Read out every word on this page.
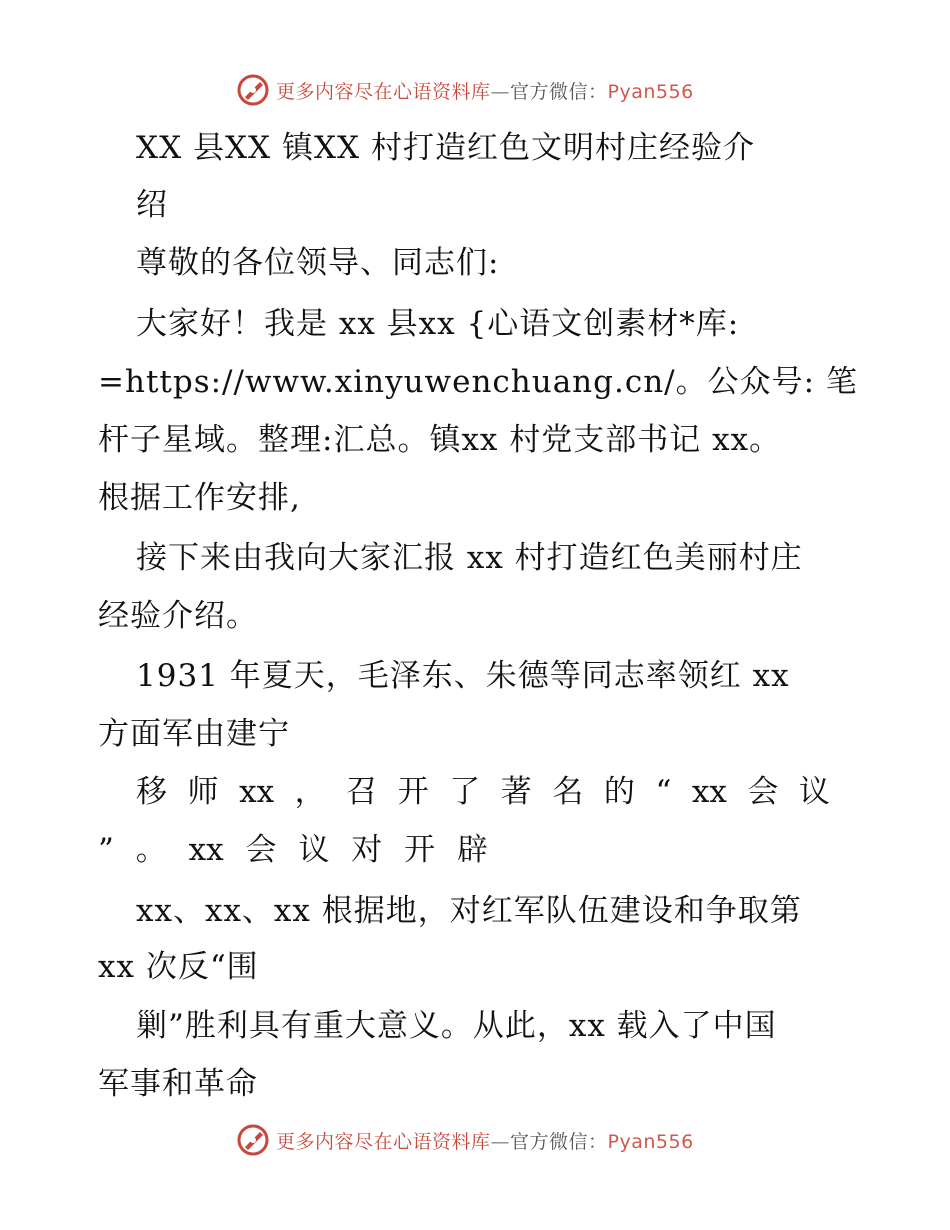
更多内容尽在心语资料库—官方微信：Pyan556
XX 县XX 镇XX 村打造红色文明村庄经验介
绍
尊敬的各位领导、同志们:
大家好！我是 xx 县xx {心语文创素材*库:
=https://www.xinyuwenchuang.cn/。公众号: 笔
杆子星域。整理:汇总。镇xx 村党支部书记 xx。
根据工作安排,
接下来由我向大家汇报 xx 村打造红色美丽村庄
经验介绍。
1931 年夏天，毛泽东、朱德等同志率领红 xx
方面军由建宁
移 师 xx ， 召 开 了 著 名 的 “ xx 会 议
” 。 xx 会 议 对 开 辟
xx、xx、xx 根据地，对红军队伍建设和争取第
xx 次反“围
剿”胜利具有重大意义。从此，xx 载入了中国
军事和革命
更多内容尽在心语资料库—官方微信：Pyan556
